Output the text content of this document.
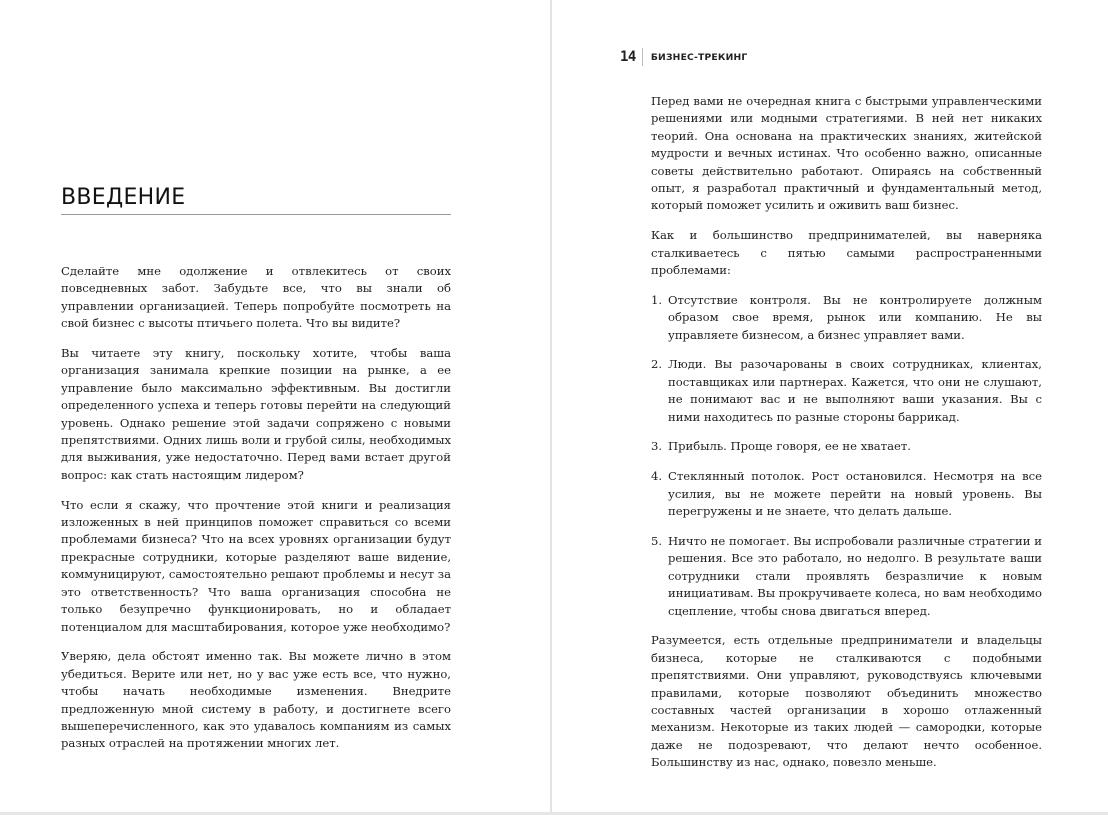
ВВЕДЕНИЕ

Сделайте мне одолжение и отвлекитесь от своих повседневных забот. Забудьте все, что вы знали об управлении организацией. Теперь попробуйте посмотреть на свой бизнес с высоты птичьего полета. Что вы видите?

Вы читаете эту книгу, поскольку хотите, чтобы ваша организация занимала крепкие позиции на рынке, а ее управление было максимально эффективным. Вы достигли определенного успеха и теперь готовы перейти на следующий уровень. Однако решение этой задачи сопряжено с новыми препятствиями. Одних лишь воли и грубой силы, необходимых для выживания, уже недостаточно. Перед вами встает другой вопрос: как стать настоящим лидером?

Что если я скажу, что прочтение этой книги и реализация изложенных в ней принципов поможет справиться со всеми проблемами бизнеса? Что на всех уровнях организации будут прекрасные сотрудники, которые разделяют ваше видение, коммуницируют, самостоятельно решают проблемы и несут за это ответственность? Что ваша организация способна не только безупречно функционировать, но и обладает потенциалом для масштабирования, которое уже необходимо?

Уверяю, дела обстоят именно так. Вы можете лично в этом убедиться. Верите или нет, но у вас уже есть все, что нужно, чтобы начать необходимые изменения. Внедрите предложенную мной систему в работу, и достигнете всего вышеперечисленного, как это удавалось компаниям из самых разных отраслей на протяжении многих лет.

14 БИЗНЕС-ТРЕКИНГ

Перед вами не очередная книга с быстрыми управленческими решениями или модными стратегиями. В ней нет никаких теорий. Она основана на практических знаниях, житейской мудрости и вечных истинах. Что особенно важно, описанные советы действительно работают. Опираясь на собственный опыт, я разработал практичный и фундаментальный метод, который поможет усилить и оживить ваш бизнес.

Как и большинство предпринимателей, вы наверняка сталкиваетесь с пятью самыми распространенными проблемами:

1. Отсутствие контроля. Вы не контролируете должным образом свое время, рынок или компанию. Не вы управляете бизнесом, а бизнес управляет вами.
2. Люди. Вы разочарованы в своих сотрудниках, клиентах, поставщиках или партнерах. Кажется, что они не слушают, не понимают вас и не выполняют ваши указания. Вы с ними находитесь по разные стороны баррикад.
3. Прибыль. Проще говоря, ее не хватает.
4. Стеклянный потолок. Рост остановился. Несмотря на все усилия, вы не можете перейти на новый уровень. Вы перегружены и не знаете, что делать дальше.
5. Ничто не помогает. Вы испробовали различные стратегии и решения. Все это работало, но недолго. В результате ваши сотрудники стали проявлять безразличие к новым инициативам. Вы прокручиваете колеса, но вам необходимо сцепление, чтобы снова двигаться вперед.

Разумеется, есть отдельные предприниматели и владельцы бизнеса, которые не сталкиваются с подобными препятствиями. Они управляют, руководствуясь ключевыми правилами, которые позволяют объединить множество составных частей организации в хорошо отлаженный механизм. Некоторые из таких людей — самородки, которые даже не подозревают, что делают нечто особенное. Большинству из нас, однако, повезло меньше.
